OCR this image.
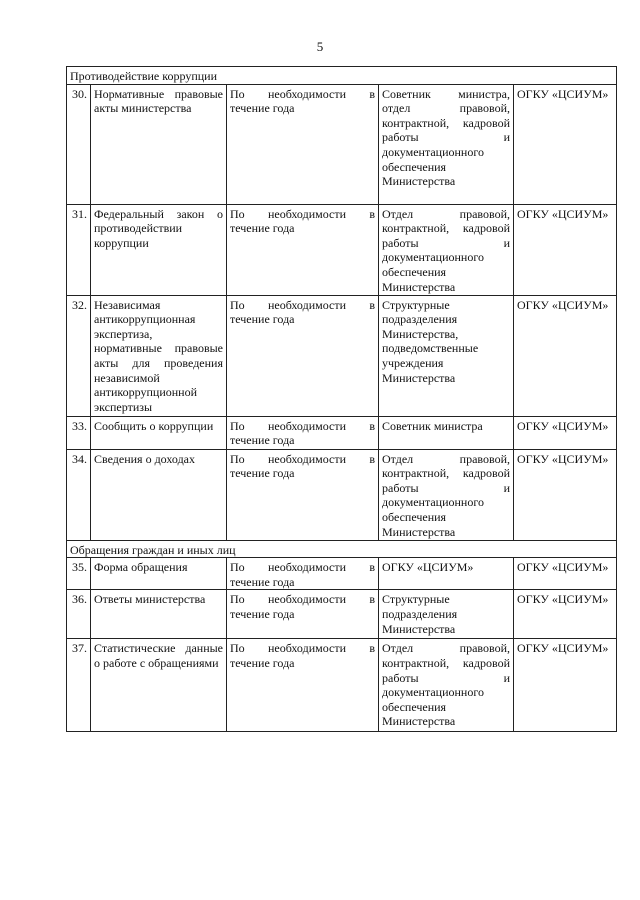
5
Противодействие коррупции				
30.	Нормативные правовые акты министерства	По необходимости в течение года	Советник министра, отдел правовой, контрактной, кадровой работы и документационного обеспечения Министерства	ОГКУ «ЦСИУМ»
31.	Федеральный закон о противодействии коррупции	По необходимости в течение года	Отдел правовой, контрактной, кадровой работы и документационного обеспечения Министерства	ОГКУ «ЦСИУМ»
32.	Независимая антикоррупционная экспертиза, нормативные правовые акты для проведения независимой антикоррупционной экспертизы	По необходимости в течение года	Структурные подразделения Министерства, подведомственные учреждения Министерства	ОГКУ «ЦСИУМ»
33.	Сообщить о коррупции	По необходимости в течение года	Советник министра	ОГКУ «ЦСИУМ»
34.	Сведения о доходах	По необходимости в течение года	Отдел правовой, контрактной, кадровой работы и документационного обеспечения Министерства	ОГКУ «ЦСИУМ»
Обращения граждан и иных лиц				
35.	Форма обращения	По необходимости в течение года	ОГКУ «ЦСИУМ»	ОГКУ «ЦСИУМ»
36.	Ответы министерства	По необходимости в течение года	Структурные подразделения Министерства	ОГКУ «ЦСИУМ»
37.	Статистические данные о работе с обращениями	По необходимости в течение года	Отдел правовой, контрактной, кадровой работы и документационного обеспечения Министерства	ОГКУ «ЦСИУМ»
